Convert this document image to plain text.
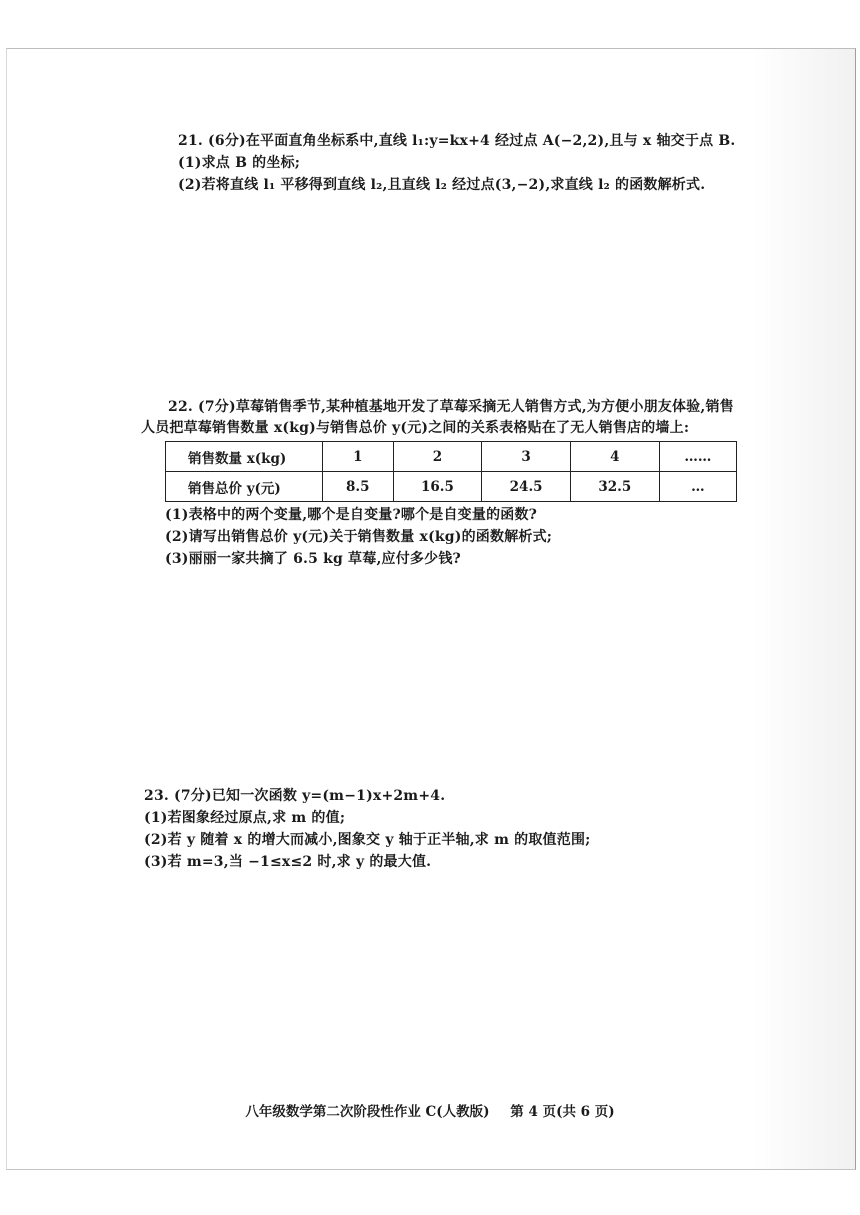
21. (6分)在平面直角坐标系中,直线 l₁:y=kx+4 经过点 A(−2,2),且与 x 轴交于点 B.
(1)求点 B 的坐标;
(2)若将直线 l₁ 平移得到直线 l₂,且直线 l₂ 经过点(3,−2),求直线 l₂ 的函数解析式.
22. (7分)草莓销售季节,某种植基地开发了草莓采摘无人销售方式,为方便小朋友体验,销售
人员把草莓销售数量 x(kg)与销售总价 y(元)之间的关系表格贴在了无人销售店的墙上:
销售数量 x(kg)	1	2	3	4	……
销售总价 y(元)	8.5	16.5	24.5	32.5	…
(1)表格中的两个变量,哪个是自变量?哪个是自变量的函数?
(2)请写出销售总价 y(元)关于销售数量 x(kg)的函数解析式;
(3)丽丽一家共摘了 6.5 kg 草莓,应付多少钱?
23. (7分)已知一次函数 y=(m−1)x+2m+4.
(1)若图象经过原点,求 m 的值;
(2)若 y 随着 x 的增大而减小,图象交 y 轴于正半轴,求 m 的取值范围;
(3)若 m=3,当 −1≤x≤2 时,求 y 的最大值.
八年级数学第二次阶段性作业 C(人教版) 第 4 页(共 6 页)
